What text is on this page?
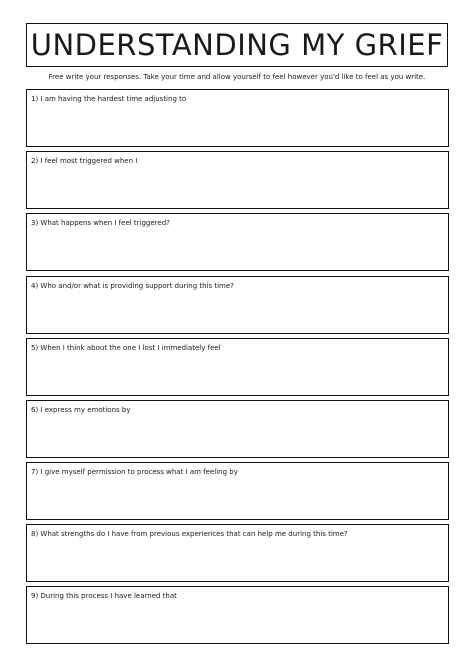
UNDERSTANDING MY GRIEF
Free write your responses. Take your time and allow yourself to feel however you'd like to feel as you write.
1) I am having the hardest time adjusting to
2) I feel most triggered when I
3) What happens when I feel triggered?
4) Who and/or what is providing support during this time?
5) When I think about the one I lost I immediately feel
6) I express my emotions by
7) I give myself permission to process what I am feeling by
8) What strengths do I have from previous experiences that can help me during this time?
9) During this process I have learned that
